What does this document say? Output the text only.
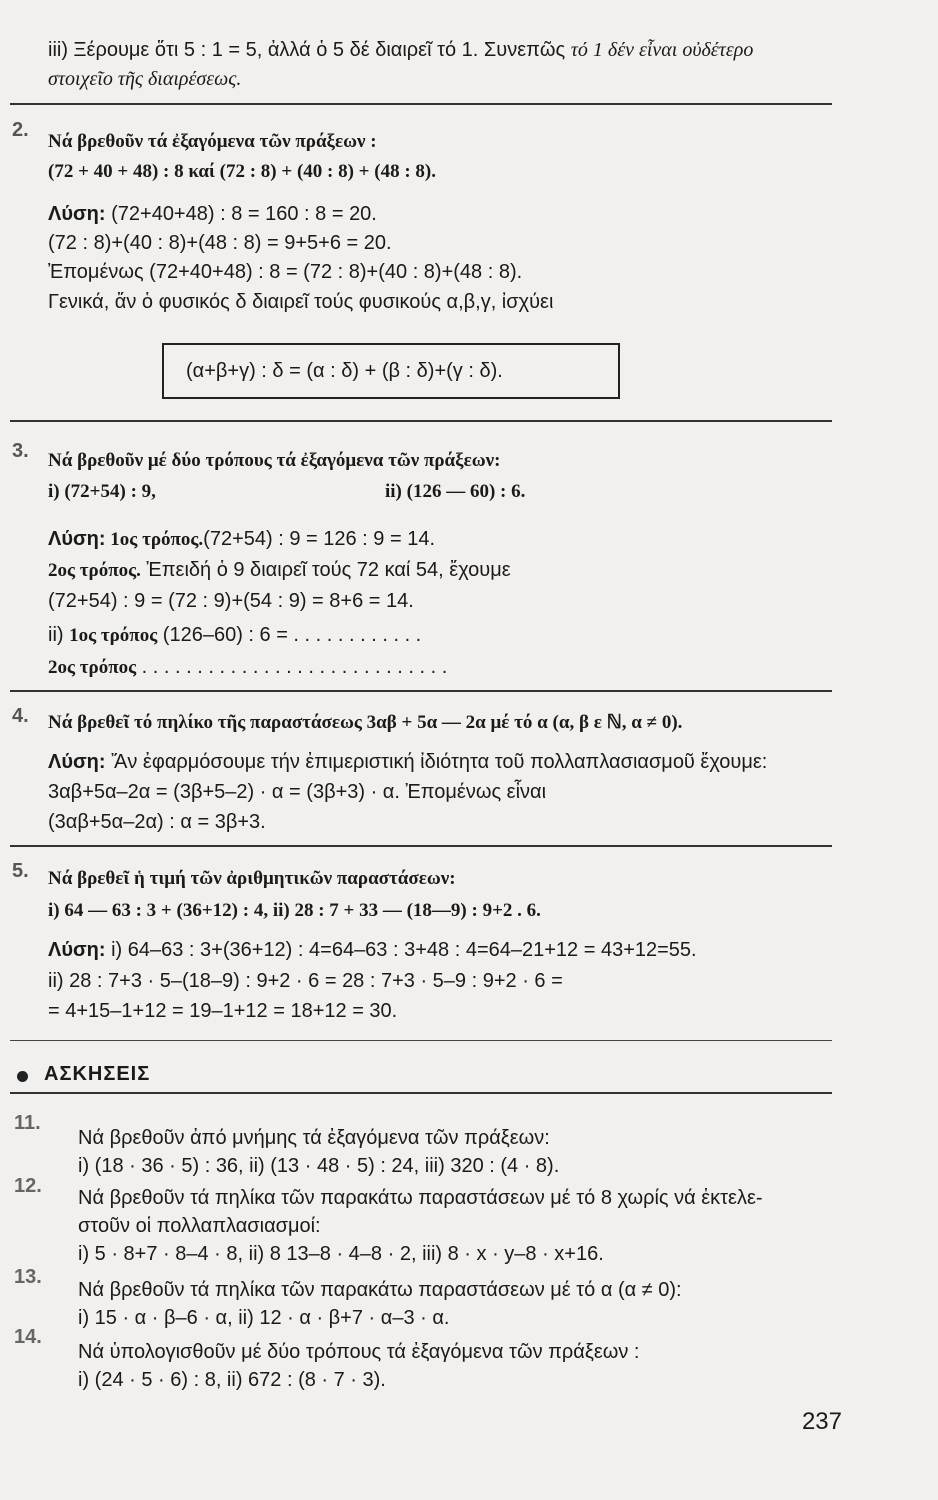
iii) Ξέρουμε ὅτι 5 : 1 = 5, ἀλλά ὁ 5 δέ διαιρεῖ τό 1. Συνεπῶς τό 1 δέν εἶναι οὐδέτερο
στοιχεῖο τῆς διαιρέσεως.
2.
Νά βρεθοῦν τά ἐξαγόμενα τῶν πράξεων :
(72 + 40 + 48) : 8 καί (72 : 8) + (40 : 8) + (48 : 8).
Λύση: (72+40+48) : 8 = 160 : 8 = 20.
(72 : 8)+(40 : 8)+(48 : 8) = 9+5+6 = 20.
Ἐπομένως (72+40+48) : 8 = (72 : 8)+(40 : 8)+(48 : 8).
Γενικά, ἄν ὁ φυσικός δ διαιρεῖ τούς φυσικούς α,β,γ, ἰσχύει
(α+β+γ) : δ = (α : δ) + (β : δ)+(γ : δ).
3. Νά βρεθοῦν μέ δύο τρόπους τά ἐξαγόμενα τῶν πράξεων:
i) (72+54) : 9,	ii) (126 — 60) : 6.
Λύση: 1ος τρόπος.(72+54) : 9 = 126 : 9 = 14.
2ος τρόπος. Ἐπειδή ὁ 9 διαιρεῖ τούς 72 καί 54, ἔχουμε
(72+54) : 9 = (72 : 9)+(54 : 9) = 8+6 = 14.
ii) 1ος τρόπος (126–60) : 6 = . . . . . . . . . . . .
2ος τρόπος . . . . . . . . . . . . . . . . . . . . . . . . . . . .
4. Νά βρεθεῖ τό πηλίκο τῆς παραστάσεως 3αβ + 5α — 2α μέ τό α (α, β ε ℕ, α ≠ 0).
Λύση: Ἄν ἐφαρμόσουμε τήν ἐπιμεριστική ἰδιότητα τοῦ πολλαπλασιασμοῦ ἔχουμε:
3αβ+5α–2α = (3β+5–2) · α = (3β+3) · α. Ἐπομένως εἶναι
(3αβ+5α–2α) : α = 3β+3.
5. Νά βρεθεῖ ἡ τιμή τῶν ἀριθμητικῶν παραστάσεων:
i) 64 — 63 : 3 + (36+12) : 4, ii) 28 : 7 + 33 — (18—9) : 9+2 . 6.
Λύση: i) 64–63 : 3+(36+12) : 4=64–63 : 3+48 : 4=64–21+12 = 43+12=55.
ii) 28 : 7+3 · 5–(18–9) : 9+2 · 6 = 28 : 7+3 · 5–9 : 9+2 · 6 =
= 4+15–1+12 = 19–1+12 = 18+12 = 30.
ΑΣΚΗΣΕΙΣ
11.
Νά βρεθοῦν ἀπό μνήμης τά ἐξαγόμενα τῶν πράξεων:
i) (18 · 36 · 5) : 36, ii) (13 · 48 · 5) : 24, iii) 320 : (4 · 8).
12.
Νά βρεθοῦν τά πηλίκα τῶν παρακάτω παραστάσεων μέ τό 8 χωρίς νά ἐκτελε-
στοῦν οἱ πολλαπλασιασμοί:
i) 5 · 8+7 · 8–4 · 8, ii) 8 13–8 · 4–8 · 2, iii) 8 · x · y–8 · x+16.
13.
Νά βρεθοῦν τά πηλίκα τῶν παρακάτω παραστάσεων μέ τό α (α ≠ 0):
i) 15 · α · β–6 · α, ii) 12 · α · β+7 · α–3 · α.
14.
Νά ὑπολογισθοῦν μέ δύο τρόπους τά ἐξαγόμενα τῶν πράξεων :
i) (24 · 5 · 6) : 8, ii) 672 : (8 · 7 · 3).
237
